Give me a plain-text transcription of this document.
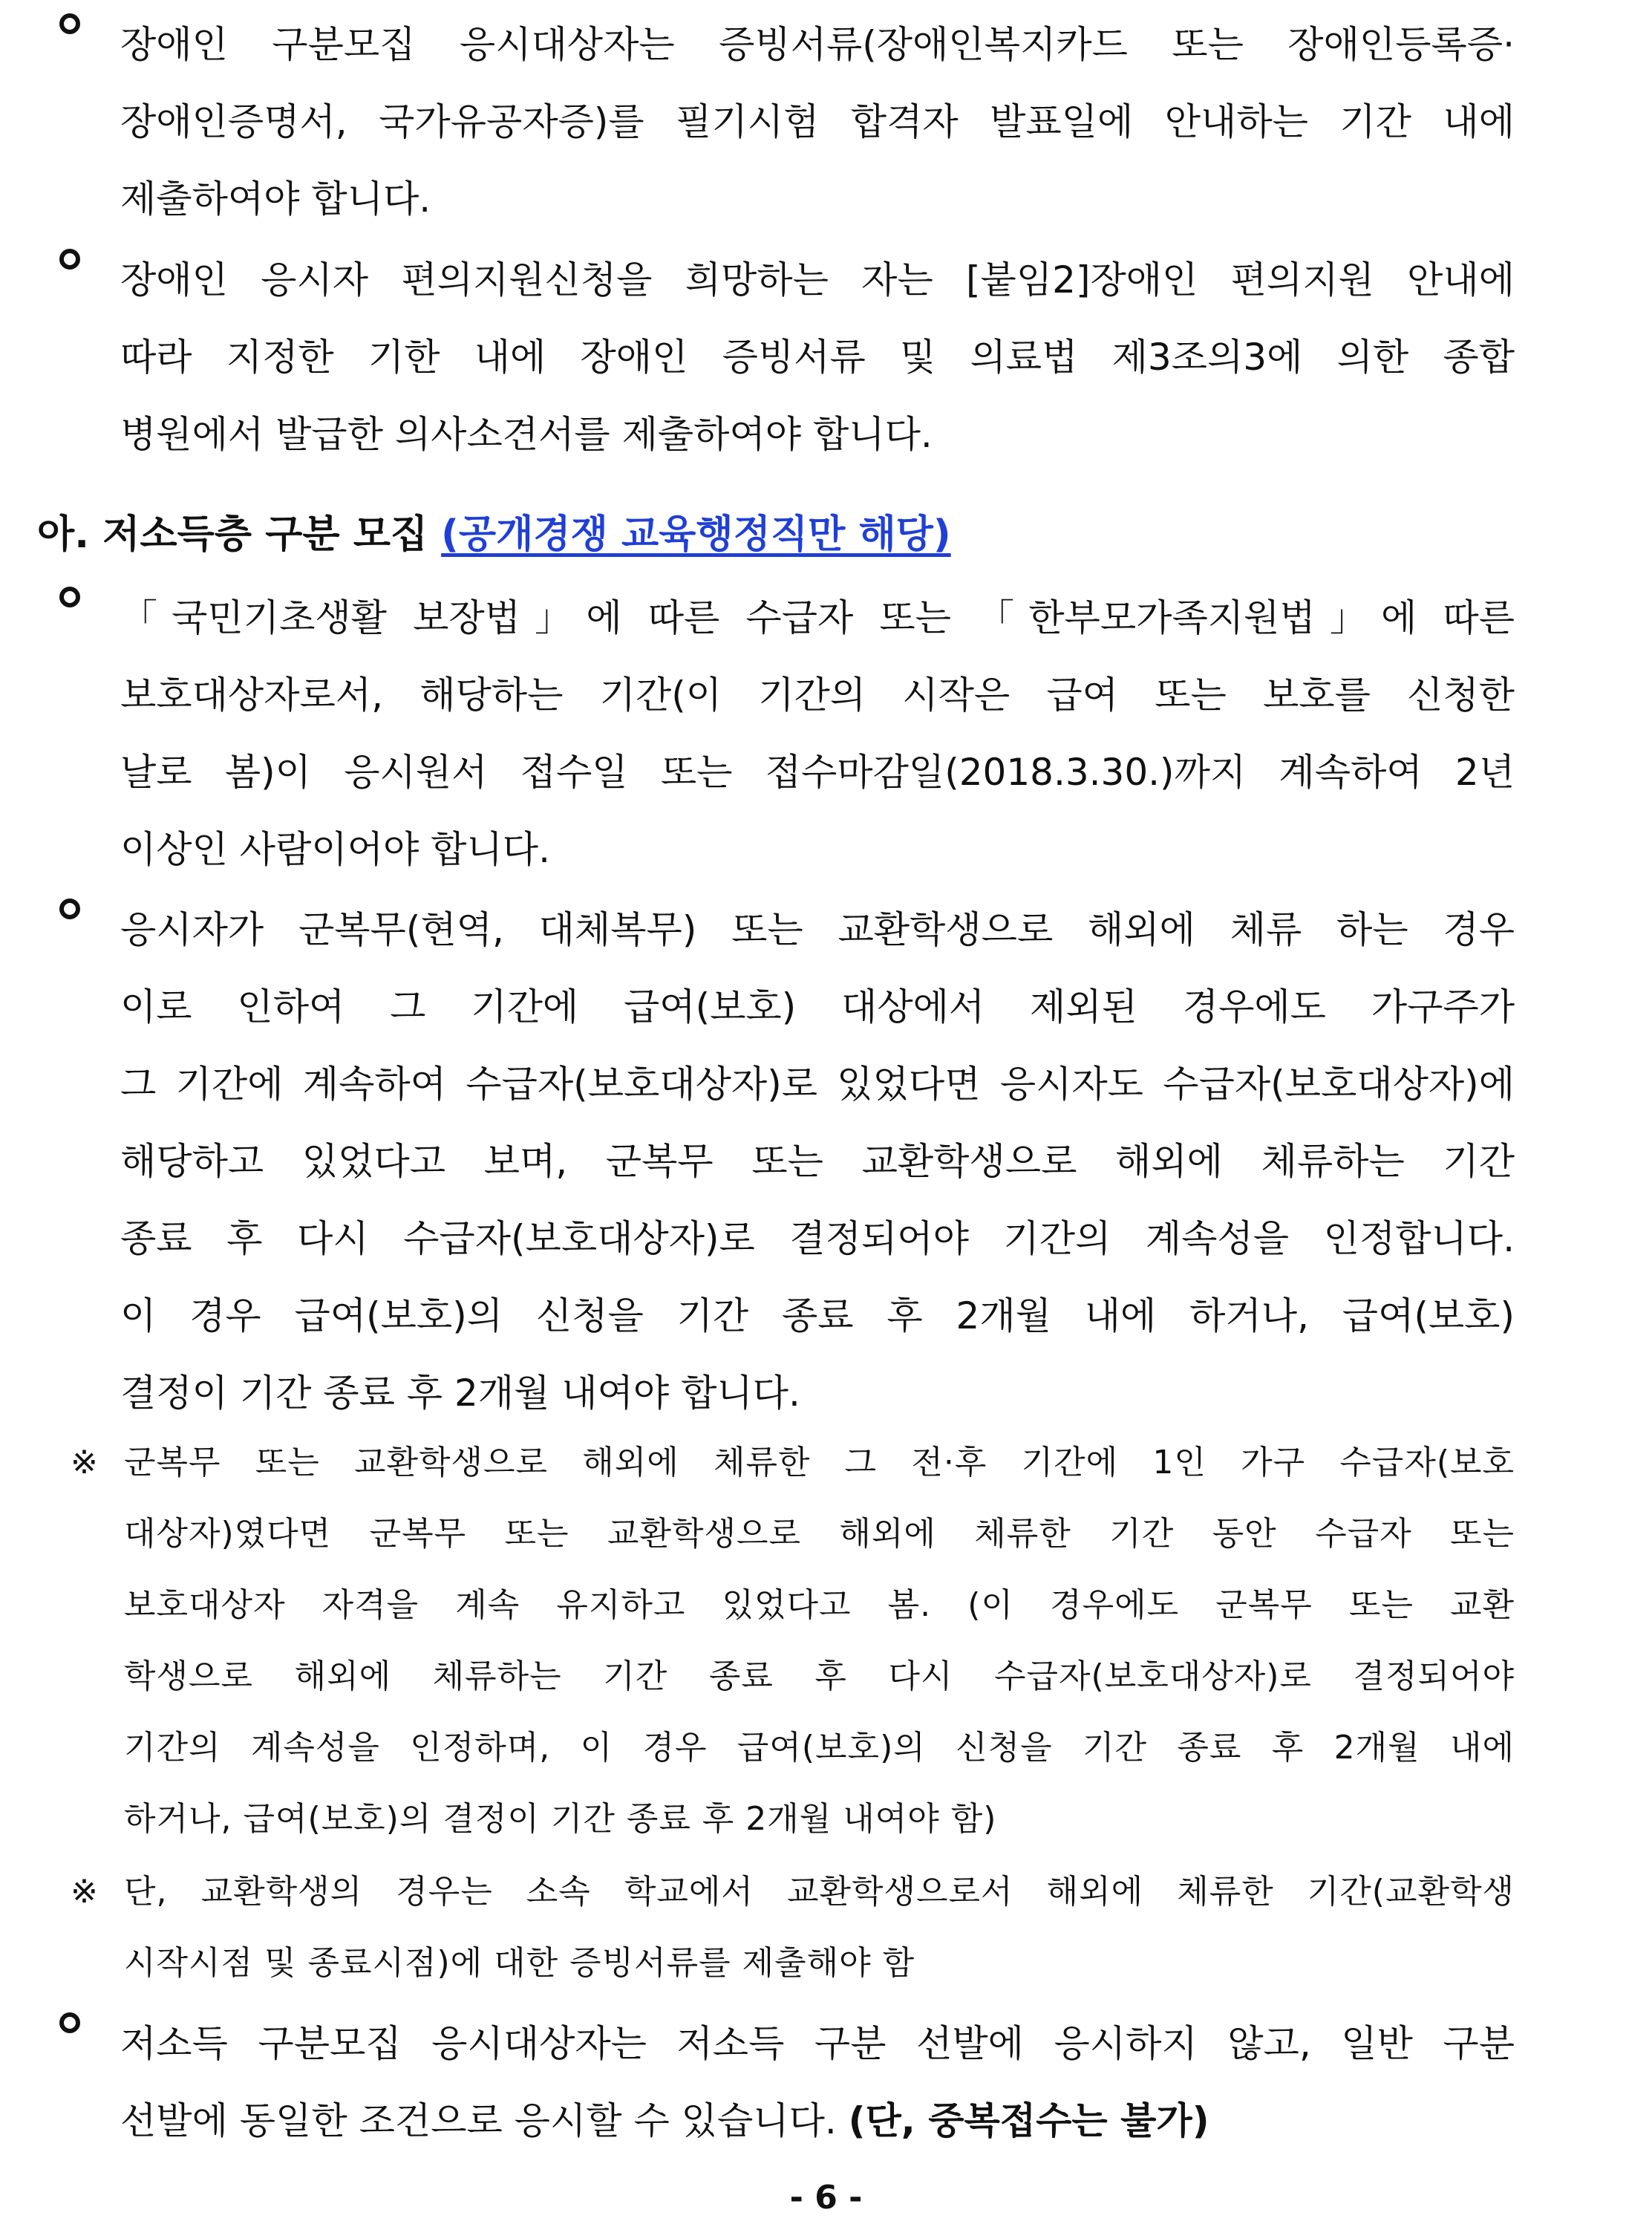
장애인 구분모집 응시대상자는 증빙서류(장애인복지카드 또는 장애인등록증·
장애인증명서, 국가유공자증)를 필기시험 합격자 발표일에 안내하는 기간 내에
제출하여야 합니다.
장애인 응시자 편의지원신청을 희망하는 자는 [붙임2]장애인 편의지원 안내에
따라 지정한 기한 내에 장애인 증빙서류 및 의료법 제3조의3에 의한 종합
병원에서 발급한 의사소견서를 제출하여야 합니다.
아. 저소득층 구분 모집 (공개경쟁 교육행정직만 해당)
「국민기초생활 보장법」에 따른 수급자 또는 「한부모가족지원법」에 따른
보호대상자로서, 해당하는 기간(이 기간의 시작은 급여 또는 보호를 신청한
날로 봄)이 응시원서 접수일 또는 접수마감일(2018.3.30.)까지 계속하여 2년
이상인 사람이어야 합니다.
응시자가 군복무(현역, 대체복무) 또는 교환학생으로 해외에 체류 하는 경우
이로 인하여 그 기간에 급여(보호) 대상에서 제외된 경우에도 가구주가
그 기간에 계속하여 수급자(보호대상자)로 있었다면 응시자도 수급자(보호대상자)에
해당하고 있었다고 보며, 군복무 또는 교환학생으로 해외에 체류하는 기간
종료 후 다시 수급자(보호대상자)로 결정되어야 기간의 계속성을 인정합니다.
이 경우 급여(보호)의 신청을 기간 종료 후 2개월 내에 하거나, 급여(보호)
결정이 기간 종료 후 2개월 내여야 합니다.
※ 군복무 또는 교환학생으로 해외에 체류한 그 전·후 기간에 1인 가구 수급자(보호
대상자)였다면 군복무 또는 교환학생으로 해외에 체류한 기간 동안 수급자 또는
보호대상자 자격을 계속 유지하고 있었다고 봄. (이 경우에도 군복무 또는 교환
학생으로 해외에 체류하는 기간 종료 후 다시 수급자(보호대상자)로 결정되어야
기간의 계속성을 인정하며, 이 경우 급여(보호)의 신청을 기간 종료 후 2개월 내에
하거나, 급여(보호)의 결정이 기간 종료 후 2개월 내여야 함)
※ 단, 교환학생의 경우는 소속 학교에서 교환학생으로서 해외에 체류한 기간(교환학생
시작시점 및 종료시점)에 대한 증빙서류를 제출해야 함
저소득 구분모집 응시대상자는 저소득 구분 선발에 응시하지 않고, 일반 구분
선발에 동일한 조건으로 응시할 수 있습니다. (단, 중복접수는 불가)
- 6 -
